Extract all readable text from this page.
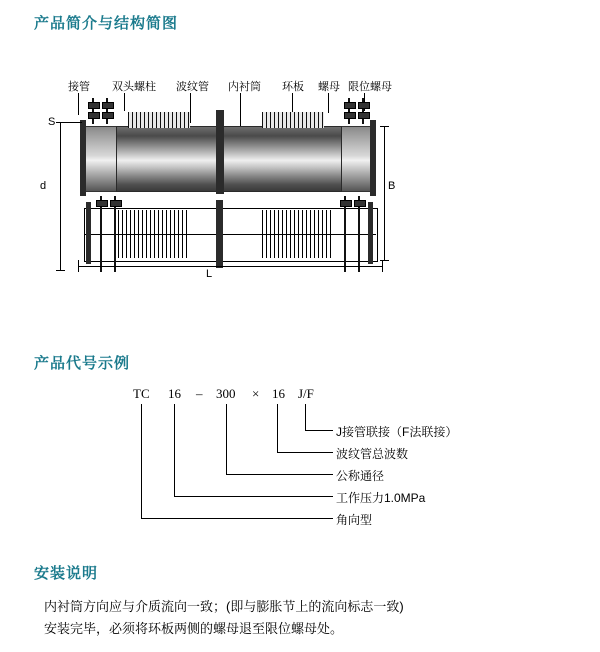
产品简介与结构简图
产品代号示例
安装说明
接管 双头螺柱 波纹管 内衬筒 环板 螺母 限位螺母
S
d	B
L
TC 16 – 300 × 16 J/F
J接管联接（F法联接）
波纹管总波数
公称通径
工作压力1.0MPa
角向型
内衬筒方向应与介质流向一致；(即与膨胀节上的流向标志一致)
安装完毕，必须将环板两侧的螺母退至限位螺母处。
